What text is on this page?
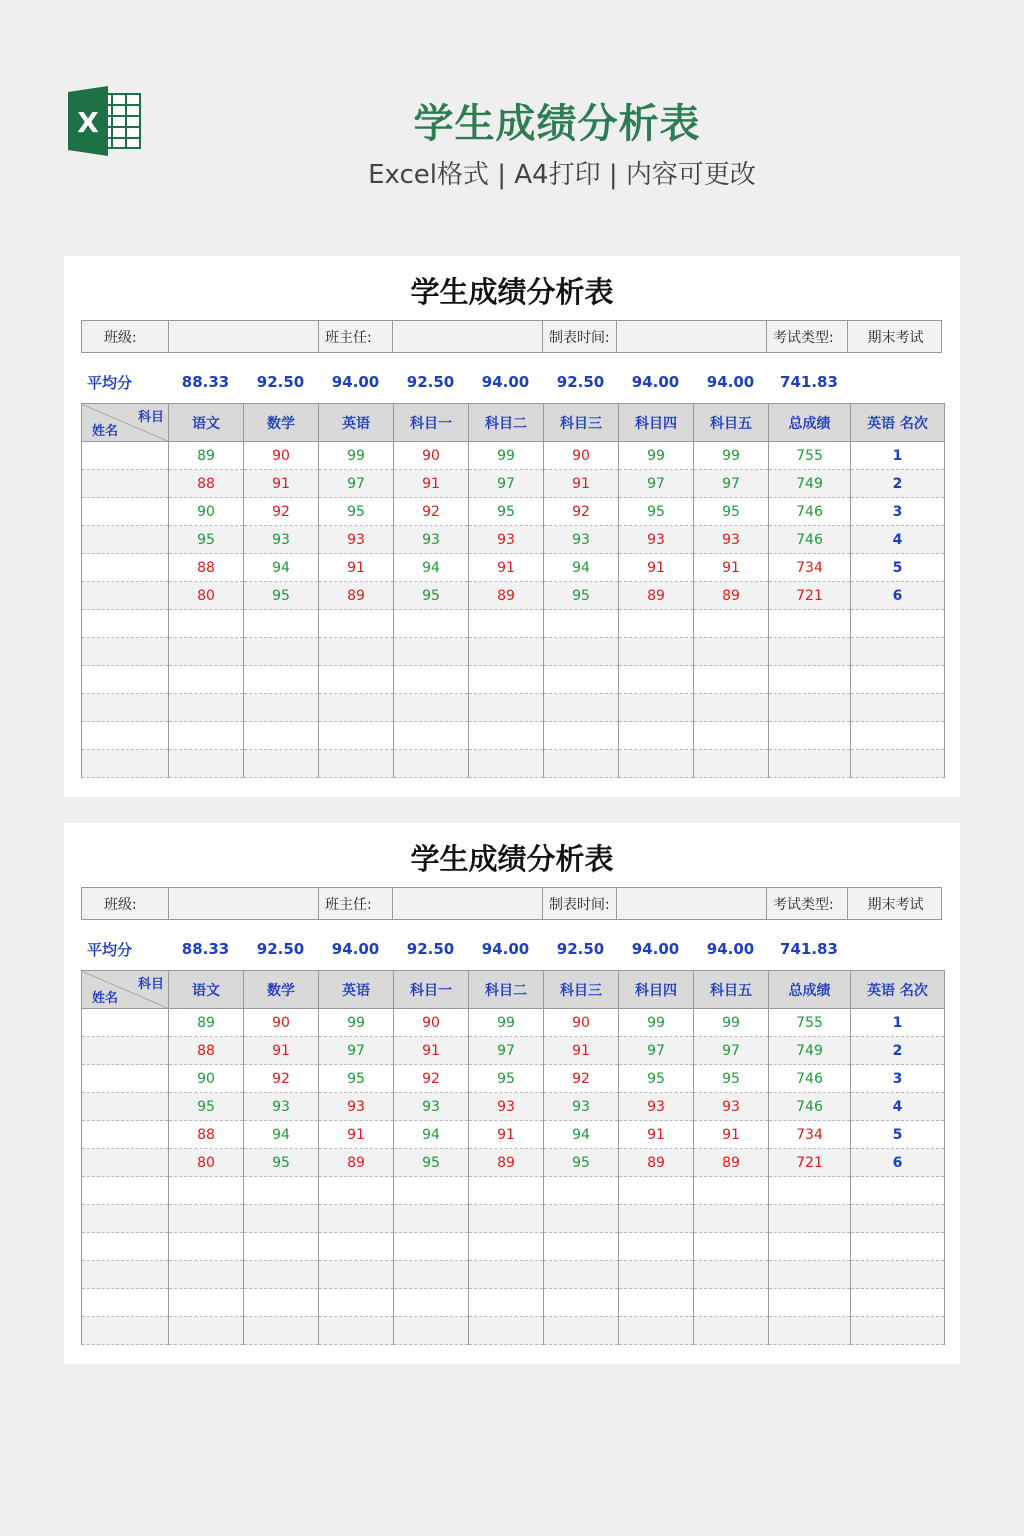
X	学生成绩分析表
Excel格式 | A4打印 | 内容可更改
学生成绩分析表
班级:	班主任:	制表时间:	考试类型:	期末考试
平均分	88.33	92.50	94.00	92.50	94.00	92.50	94.00	94.00	741.83
科目
姓名	语文	数学	英语	科目一	科目二	科目三	科目四	科目五	总成绩	英语 名次
	89	90	99	90	99	90	99	99	755	1
	88	91	97	91	97	91	97	97	749	2
	90	92	95	92	95	92	95	95	746	3
	95	93	93	93	93	93	93	93	746	4
	88	94	91	94	91	94	91	91	734	5
	80	95	89	95	89	95	89	89	721	6

学生成绩分析表
班级:	班主任:	制表时间:	考试类型:	期末考试
平均分	88.33	92.50	94.00	92.50	94.00	92.50	94.00	94.00	741.83
科目
姓名	语文	数学	英语	科目一	科目二	科目三	科目四	科目五	总成绩	英语 名次
	89	90	99	90	99	90	99	99	755	1
	88	91	97	91	97	91	97	97	749	2
	90	92	95	92	95	92	95	95	746	3
	95	93	93	93	93	93	93	93	746	4
	88	94	91	94	91	94	91	91	734	5
	80	95	89	95	89	95	89	89	721	6
